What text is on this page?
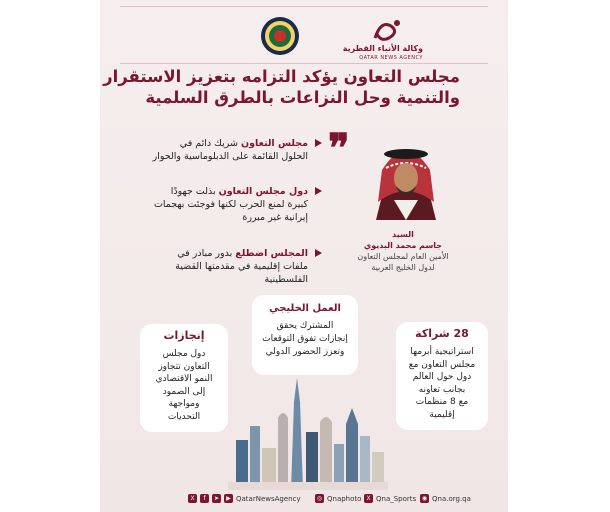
وكالة الأنباء القطرية
QATAR NEWS AGENCY
مجلس التعاون يؤكد التزامه بتعزيز الاستقرار
والتنمية وحل النزاعات بالطرق السلمية
السيد
جاسم محمد البديوي
الأمين العام لمجلس التعاون
لدول الخليج العربية
❞
مجلس التعاون شريك دائم في الحلول القائمة على الدبلوماسية والحوار
دول مجلس التعاون بذلت جهودًا كبيرة لمنع الحرب لكنها فوجئت بهجمات إيرانية غير مبررة
المجلس اضطلع بدور مبادر في ملفات إقليمية في مقدمتها القضية الفلسطينية
العمل الخليجي
المشترك يحقق
إنجازات تفوق التوقعات
وتعزز الحضور الدولي
إنجازات
دول مجلس
التعاون تتجاوز
النمو الاقتصادي
إلى الصمود
ومواجهة
التحديات
28 شراكة
استراتيجية أبرمها
مجلس التعاون مع
دول حول العالم
بجانب تعاونه
مع 8 منظمات
إقليمية
X	f	➤	▶ QatarNewsAgency	◎ Qnaphoto X Qna_Sports ◉ Qna.org.qa
